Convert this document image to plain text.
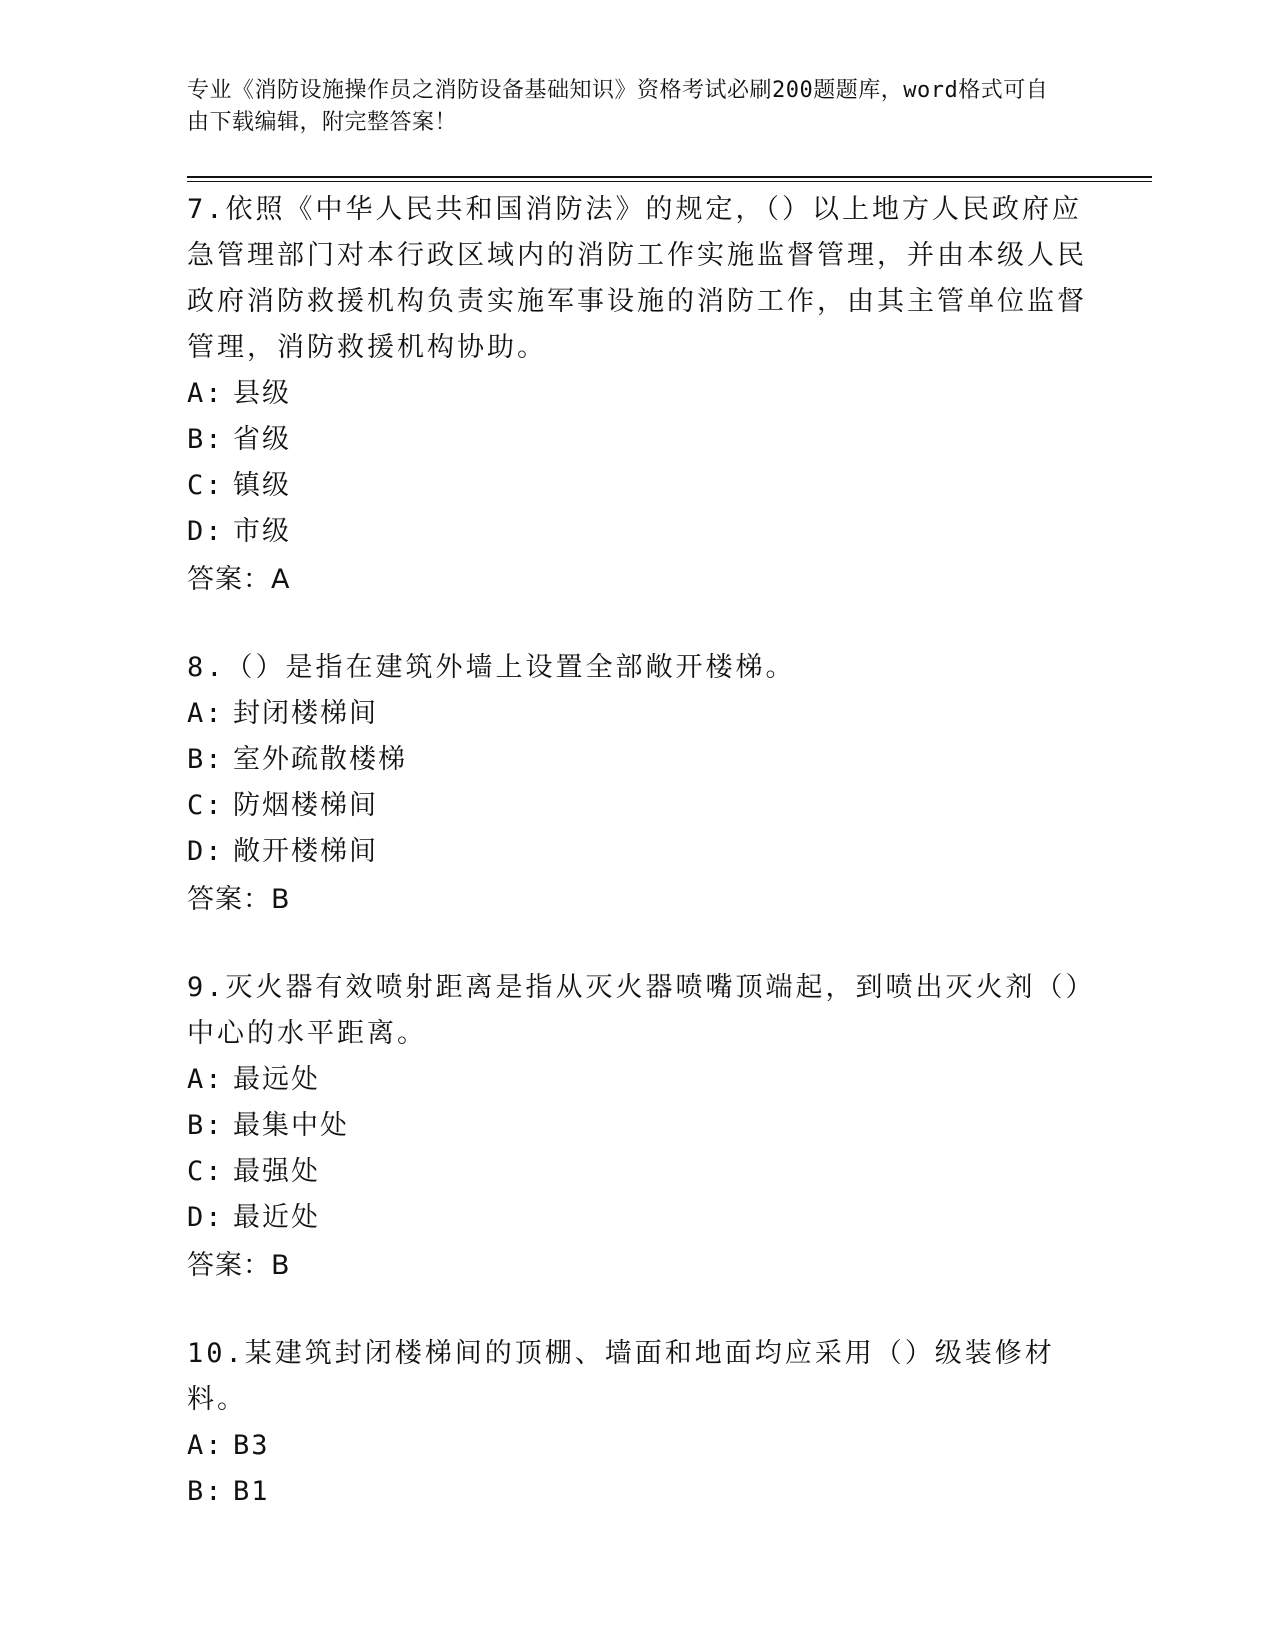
专业《消防设施操作员之消防设备基础知识》资格考试必刷200题题库，word格式可自由下载编辑，附完整答案！

7.依照《中华人民共和国消防法》的规定，（）以上地方人民政府应急管理部门对本行政区域内的消防工作实施监督管理，并由本级人民政府消防救援机构负责实施军事设施的消防工作，由其主管单位监督管理，消防救援机构协助。

A: 县级
B: 省级
C: 镇级
D: 市级
答案：A

8.（）是指在建筑外墙上设置全部敞开楼梯。

A: 封闭楼梯间
B: 室外疏散楼梯
C: 防烟楼梯间
D: 敞开楼梯间
答案：B

9.灭火器有效喷射距离是指从灭火器喷嘴顶端起，到喷出灭火剂（）中心的水平距离。

A: 最远处
B: 最集中处
C: 最强处
D: 最近处
答案：B

10.某建筑封闭楼梯间的顶棚、墙面和地面均应采用（）级装修材料。

A: B3
B: B1
